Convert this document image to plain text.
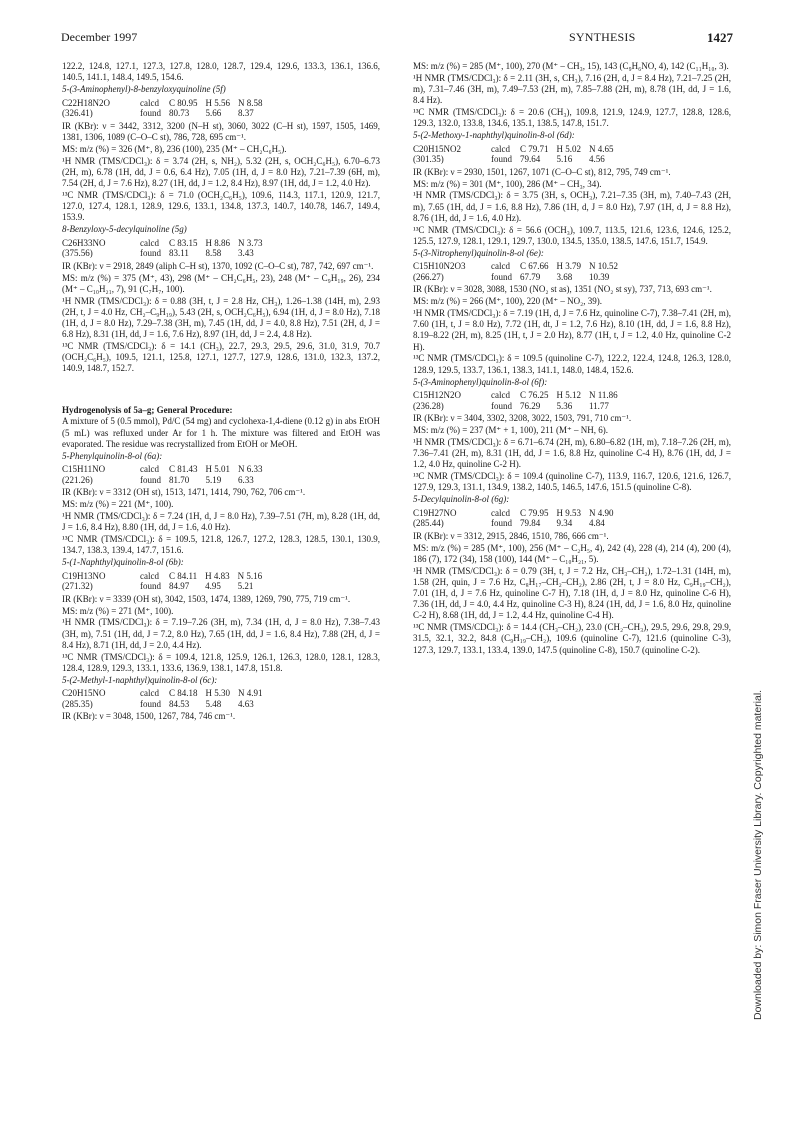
December 1997	SYNTHESIS	1427

122.2, 124.8, 127.1, 127.3, 127.8, 128.0, 128.7, 129.4, 129.6, 133.3, 136.1, 136.6, 140.5, 141.1, 148.4, 149.5, 154.6.

5-(3-Aminophenyl)-8-benzyloxyquinoline (5f)

C22H18N2O	calcd	C 80.95	H 5.56	N 8.58
(326.41)	found	80.73	5.66	8.37

IR (KBr): ν = 3442, 3312, 3200 (N–H st), 3060, 3022 (C–H st), 1597, 1505, 1469, 1381, 1306, 1089 (C–O–C st), 786, 728, 695 cm⁻¹.

MS: m/z (%) = 326 (M⁺, 8), 236 (100), 235 (M⁺ – CH₂C₆H₅).

¹H NMR (TMS/CDCl₃): δ = 3.74 (2H, s, NH₂), 5.32 (2H, s, OCH₂C₆H₅), 6.70–6.73 (2H, m), 6.78 (1H, dd, J = 0.6, 6.4 Hz), 7.05 (1H, d, J = 8.0 Hz), 7.21–7.39 (6H, m), 7.54 (2H, d, J = 7.6 Hz), 8.27 (1H, dd, J = 1.2, 8.4 Hz), 8.97 (1H, dd, J = 1.2, 4.0 Hz).

¹³C NMR (TMS/CDCl₃): δ = 71.0 (OCH₂C₆H₅), 109.6, 114.3, 117.1, 120.9, 121.7, 127.0, 127.4, 128.1, 128.9, 129.6, 133.1, 134.8, 137.3, 140.7, 140.78, 146.7, 149.4, 153.9.

8-Benzyloxy-5-decylquinoline (5g)

C26H33NO	calcd	C 83.15	H 8.86	N 3.73
(375.56)	found	83.11	8.58	3.43

IR (KBr): ν = 2918, 2849 (aliph C–H st), 1370, 1092 (C–O–C st), 787, 742, 697 cm⁻¹.

MS: m/z (%) = 375 (M⁺, 43), 298 (M⁺ – CH₂C₆H₅, 23), 248 (M⁺ – C₉H₁₉, 26), 234 (M⁺ – C₁₀H₂₁, 7), 91 (C₇H₇, 100).

¹H NMR (TMS/CDCl₃): δ = 0.88 (3H, t, J = 2.8 Hz, CH₃), 1.26–1.38 (14H, m), 2.93 (2H, t, J = 4.0 Hz, CH₂–C₉H₁₉), 5.43 (2H, s, OCH₂C₆H₅), 6.94 (1H, d, J = 8.0 Hz), 7.18 (1H, d, J = 8.0 Hz), 7.29–7.38 (3H, m), 7.45 (1H, dd, J = 4.0, 8.8 Hz), 7.51 (2H, d, J = 6.8 Hz), 8.31 (1H, dd, J = 1.6, 7.6 Hz), 8.97 (1H, dd, J = 2.4, 4.8 Hz).

¹³C NMR (TMS/CDCl₃): δ = 14.1 (CH₃), 22.7, 29.3, 29.5, 29.6, 31.0, 31.9, 70.7 (OCH₂C₆H₅), 109.5, 121.1, 125.8, 127.1, 127.7, 127.9, 128.6, 131.0, 132.3, 137.2, 140.9, 148.7, 152.7.

Hydrogenolysis of 5a–g; General Procedure:

A mixture of 5 (0.5 mmol), Pd/C (54 mg) and cyclohexa-1,4-diene (0.12 g) in abs EtOH (5 mL) was refluxed under Ar for 1 h. The mixture was filtered and EtOH was evaporated. The residue was recrystallized from EtOH or MeOH.

5-Phenylquinolin-8-ol (6a):

C15H11NO	calcd	C 81.43	H 5.01	N 6.33
(221.26)	found	81.70	5.19	6.33

IR (KBr): ν = 3312 (OH st), 1513, 1471, 1414, 790, 762, 706 cm⁻¹.

MS: m/z (%) = 221 (M⁺, 100).

¹H NMR (TMS/CDCl₃): δ = 7.24 (1H, d, J = 8.0 Hz), 7.39–7.51 (7H, m), 8.28 (1H, dd, J = 1.6, 8.4 Hz), 8.80 (1H, dd, J = 1.6, 4.0 Hz).

¹³C NMR (TMS/CDCl₃): δ = 109.5, 121.8, 126.7, 127.2, 128.3, 128.5, 130.1, 130.9, 134.7, 138.3, 139.4, 147.7, 151.6.

5-(1-Naphthyl)quinolin-8-ol (6b):

C19H13NO	calcd	C 84.11	H 4.83	N 5.16
(271.32)	found	84.97	4.95	5.21

IR (KBr): ν = 3339 (OH st), 3042, 1503, 1474, 1389, 1269, 790, 775, 719 cm⁻¹.

MS: m/z (%) = 271 (M⁺, 100).

¹H NMR (TMS/CDCl₃): δ = 7.19–7.26 (3H, m), 7.34 (1H, d, J = 8.0 Hz), 7.38–7.43 (3H, m), 7.51 (1H, dd, J = 7.2, 8.0 Hz), 7.65 (1H, dd, J = 1.6, 8.4 Hz), 7.88 (2H, d, J = 8.4 Hz), 8.71 (1H, dd, J = 2.0, 4.4 Hz).

¹³C NMR (TMS/CDCl₃): δ = 109.4, 121.8, 125.9, 126.1, 126.3, 128.0, 128.1, 128.3, 128.4, 128.9, 129.3, 133.1, 133.6, 136.9, 138.1, 147.8, 151.8.

5-(2-Methyl-1-naphthyl)quinolin-8-ol (6c):

C20H15NO	calcd	C 84.18	H 5.30	N 4.91
(285.35)	found	84.53	5.48	4.63

IR (KBr): ν = 3048, 1500, 1267, 784, 746 cm⁻¹.

MS: m/z (%) = 285 (M⁺, 100), 270 (M⁺ – CH₃, 15), 143 (C₉H₆NO, 4), 142 (C₁₁H₁₀, 3).

¹H NMR (TMS/CDCl₃): δ = 2.11 (3H, s, CH₃), 7.16 (2H, d, J = 8.4 Hz), 7.21–7.25 (2H, m), 7.31–7.46 (3H, m), 7.49–7.53 (2H, m), 7.85–7.88 (2H, m), 8.78 (1H, dd, J = 1.6, 8.4 Hz).

¹³C NMR (TMS/CDCl₃): δ = 20.6 (CH₃), 109.8, 121.9, 124.9, 127.7, 128.8, 128.6, 129.3, 132.0, 133.8, 134.6, 135.1, 138.5, 147.8, 151.7.

5-(2-Methoxy-1-naphthyl)quinolin-8-ol (6d):

C20H15NO2	calcd	C 79.71	H 5.02	N 4.65
(301.35)	found	79.64	5.16	4.56

IR (KBr): ν = 2930, 1501, 1267, 1071 (C–O–C st), 812, 795, 749 cm⁻¹.

MS: m/z (%) = 301 (M⁺, 100), 286 (M⁺ – CH₃, 34).

¹H NMR (TMS/CDCl₃): δ = 3.75 (3H, s, OCH₃), 7.21–7.35 (3H, m), 7.40–7.43 (2H, m), 7.65 (1H, dd, J = 1.6, 8.8 Hz), 7.86 (1H, d, J = 8.0 Hz), 7.97 (1H, d, J = 8.8 Hz), 8.76 (1H, dd, J = 1.6, 4.0 Hz).

¹³C NMR (TMS/CDCl₃): δ = 56.6 (OCH₃), 109.7, 113.5, 121.6, 123.6, 124.6, 125.2, 125.5, 127.9, 128.1, 129.1, 129.7, 130.0, 134.5, 135.0, 138.5, 147.6, 151.7, 154.9.

5-(3-Nitrophenyl)quinolin-8-ol (6e):

C15H10N2O3	calcd	C 67.66	H 3.79	N 10.52
(266.27)	found	67.79	3.68	10.39

IR (KBr): ν = 3028, 3088, 1530 (NO₂ st as), 1351 (NO₂ st sy), 737, 713, 693 cm⁻¹.

MS: m/z (%) = 266 (M⁺, 100), 220 (M⁺ – NO₂, 39).

¹H NMR (TMS/CDCl₃): δ = 7.19 (1H, d, J = 7.6 Hz, quinoline C-7), 7.38–7.41 (2H, m), 7.60 (1H, t, J = 8.0 Hz), 7.72 (1H, dt, J = 1.2, 7.6 Hz), 8.10 (1H, dd, J = 1.6, 8.8 Hz), 8.19–8.22 (2H, m), 8.25 (1H, t, J = 2.0 Hz), 8.77 (1H, t, J = 1.2, 4.0 Hz, quinoline C-2 H).

¹³C NMR (TMS/CDCl₃): δ = 109.5 (quinoline C-7), 122.2, 122.4, 124.8, 126.3, 128.0, 128.9, 129.5, 133.7, 136.1, 138.3, 141.1, 148.0, 148.4, 152.6.

5-(3-Aminophenyl)quinolin-8-ol (6f):

C15H12N2O	calcd	C 76.25	H 5.12	N 11.86
(236.28)	found	76.29	5.36	11.77

IR (KBr): ν = 3404, 3302, 3208, 3022, 1503, 791, 710 cm⁻¹.

MS: m/z (%) = 237 (M⁺ + 1, 100), 211 (M⁺ – NH, 6).

¹H NMR (TMS/CDCl₃): δ = 6.71–6.74 (2H, m), 6.80–6.82 (1H, m), 7.18–7.26 (2H, m), 7.36–7.41 (2H, m), 8.31 (1H, dd, J = 1.6, 8.8 Hz, quinoline C-4 H), 8.76 (1H, dd, J = 1.2, 4.0 Hz, quinoline C-2 H).

¹³C NMR (TMS/CDCl₃): δ = 109.4 (quinoline C-7), 113.9, 116.7, 120.6, 121.6, 126.7, 127.9, 129.3, 131.1, 134.9, 138.2, 140.5, 146.5, 147.6, 151.5 (quinoline C-8).

5-Decylquinolin-8-ol (6g):

C19H27NO	calcd	C 79.95	H 9.53	N 4.90
(285.44)	found	79.84	9.34	4.84

IR (KBr): ν = 3312, 2915, 2846, 1510, 786, 666 cm⁻¹.

MS: m/z (%) = 285 (M⁺, 100), 256 (M⁺ – C₂H₅, 4), 242 (4), 228 (4), 214 (4), 200 (4), 186 (7), 172 (34), 158 (100), 144 (M⁺ – C₁₀H₂₁, 5).

¹H NMR (TMS/CDCl₃): δ = 0.79 (3H, t, J = 7.2 Hz, CH₃–CH₂), 1.72–1.31 (14H, m), 1.58 (2H, quin, J = 7.6 Hz, C₈H₁₇–CH₂–CH₂), 2.86 (2H, t, J = 8.0 Hz, C₉H₁₉–CH₂), 7.01 (1H, d, J = 7.6 Hz, quinoline C-7 H), 7.18 (1H, d, J = 8.0 Hz, quinoline C-6 H), 7.36 (1H, dd, J = 4.0, 4.4 Hz, quinoline C-3 H), 8.24 (1H, dd, J = 1.6, 8.0 Hz, quinoline C-2 H), 8.68 (1H, dd, J = 1.2, 4.4 Hz, quinoline C-4 H).

¹³C NMR (TMS/CDCl₃): δ = 14.4 (CH₃–CH₂), 23.0 (CH₂–CH₃), 29.5, 29.6, 29.8, 29.9, 31.5, 32.1, 32.2, 84.8 (C₉H₁₉–CH₂), 109.6 (quinoline C-7), 121.6 (quinoline C-3), 127.3, 129.7, 133.1, 133.4, 139.0, 147.5 (quinoline C-8), 150.7 (quinoline C-2).

Downloaded by: Simon Fraser University Library. Copyrighted material.
